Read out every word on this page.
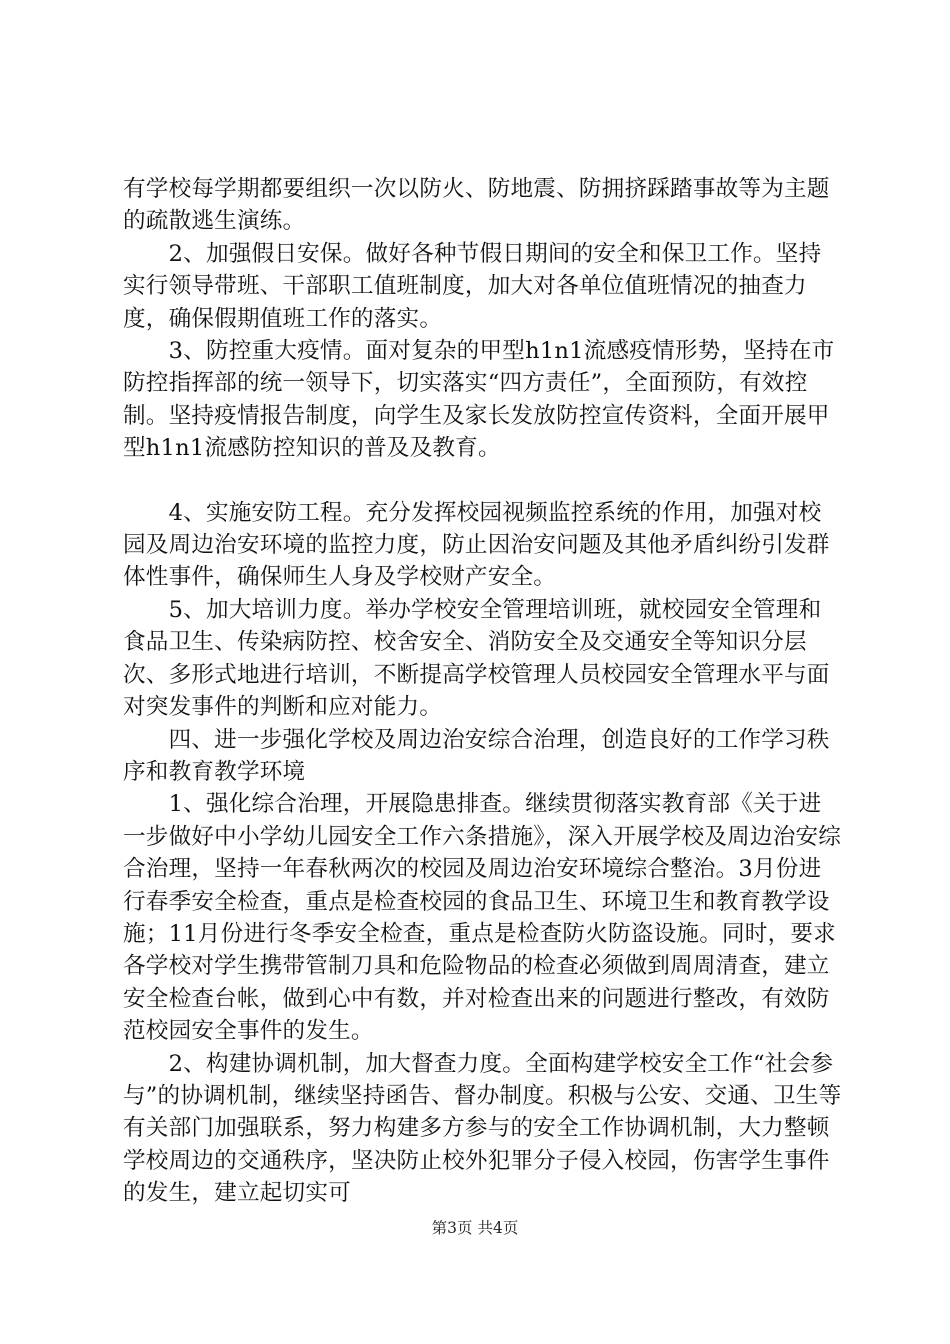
有学校每学期都要组织一次以防火、防地震、防拥挤踩踏事故等为主题的疏散逃生演练。

　　2、加强假日安保。做好各种节假日期间的安全和保卫工作。坚持实行领导带班、干部职工值班制度，加大对各单位值班情况的抽查力度，确保假期值班工作的落实。

　　3、防控重大疫情。面对复杂的甲型h1n1流感疫情形势，坚持在市防控指挥部的统一领导下，切实落实“四方责任”，全面预防，有效控制。坚持疫情报告制度，向学生及家长发放防控宣传资料，全面开展甲型h1n1流感防控知识的普及及教育。

　　4、实施安防工程。充分发挥校园视频监控系统的作用，加强对校园及周边治安环境的监控力度，防止因治安问题及其他矛盾纠纷引发群体性事件，确保师生人身及学校财产安全。

　　5、加大培训力度。举办学校安全管理培训班，就校园安全管理和食品卫生、传染病防控、校舍安全、消防安全及交通安全等知识分层次、多形式地进行培训，不断提高学校管理人员校园安全管理水平与面对突发事件的判断和应对能力。

　　四、进一步强化学校及周边治安综合治理，创造良好的工作学习秩序和教育教学环境

　　1、强化综合治理，开展隐患排查。继续贯彻落实教育部《关于进一步做好中小学幼儿园安全工作六条措施》，深入开展学校及周边治安综合治理，坚持一年春秋两次的校园及周边治安环境综合整治。3月份进行春季安全检查，重点是检查校园的食品卫生、环境卫生和教育教学设施；11月份进行冬季安全检查，重点是检查防火防盗设施。同时，要求各学校对学生携带管制刀具和危险物品的检查必须做到周周清查，建立安全检查台帐，做到心中有数，并对检查出来的问题进行整改，有效防范校园安全事件的发生。

　　2、构建协调机制，加大督查力度。全面构建学校安全工作“社会参与”的协调机制，继续坚持函告、督办制度。积极与公安、交通、卫生等有关部门加强联系，努力构建多方参与的安全工作协调机制，大力整顿学校周边的交通秩序，坚决防止校外犯罪分子侵入校园，伤害学生事件的发生，建立起切实可

第3页 共4页
